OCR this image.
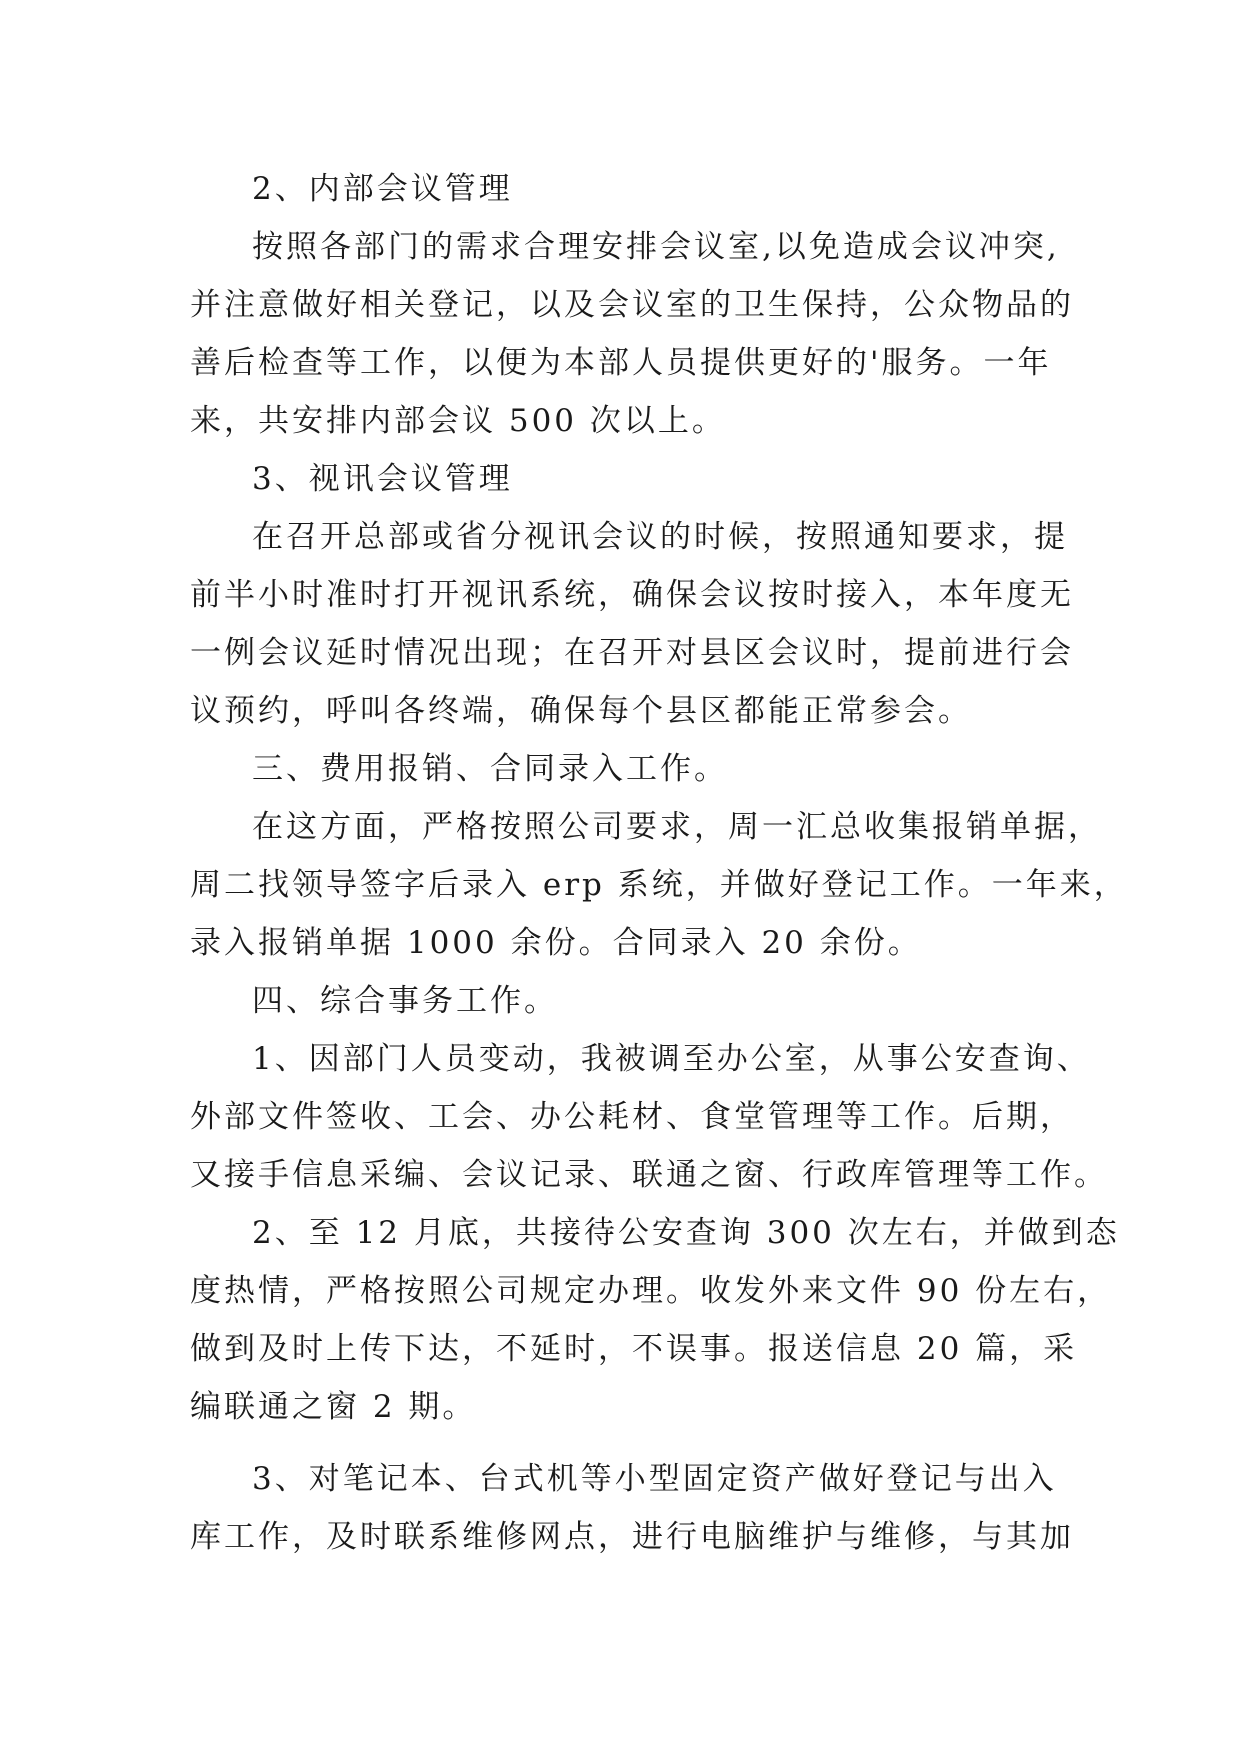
2、内部会议管理
按照各部门的需求合理安排会议室,以免造成会议冲突,
并注意做好相关登记，以及会议室的卫生保持，公众物品的
善后检查等工作，以便为本部人员提供更好的'服务。一年
来，共安排内部会议 500 次以上。
3、视讯会议管理
在召开总部或省分视讯会议的时候，按照通知要求，提
前半小时准时打开视讯系统，确保会议按时接入，本年度无
一例会议延时情况出现；在召开对县区会议时，提前进行会
议预约，呼叫各终端，确保每个县区都能正常参会。
三、费用报销、合同录入工作。
在这方面，严格按照公司要求，周一汇总收集报销单据，
周二找领导签字后录入 erp 系统，并做好登记工作。一年来，
录入报销单据 1000 余份。合同录入 20 余份。
四、综合事务工作。
1、因部门人员变动，我被调至办公室，从事公安查询、
外部文件签收、工会、办公耗材、食堂管理等工作。后期，
又接手信息采编、会议记录、联通之窗、行政库管理等工作。
2、至 12 月底，共接待公安查询 300 次左右，并做到态
度热情，严格按照公司规定办理。收发外来文件 90 份左右，
做到及时上传下达，不延时，不误事。报送信息 20 篇，采
编联通之窗 2 期。
3、对笔记本、台式机等小型固定资产做好登记与出入
库工作，及时联系维修网点，进行电脑维护与维修，与其加
